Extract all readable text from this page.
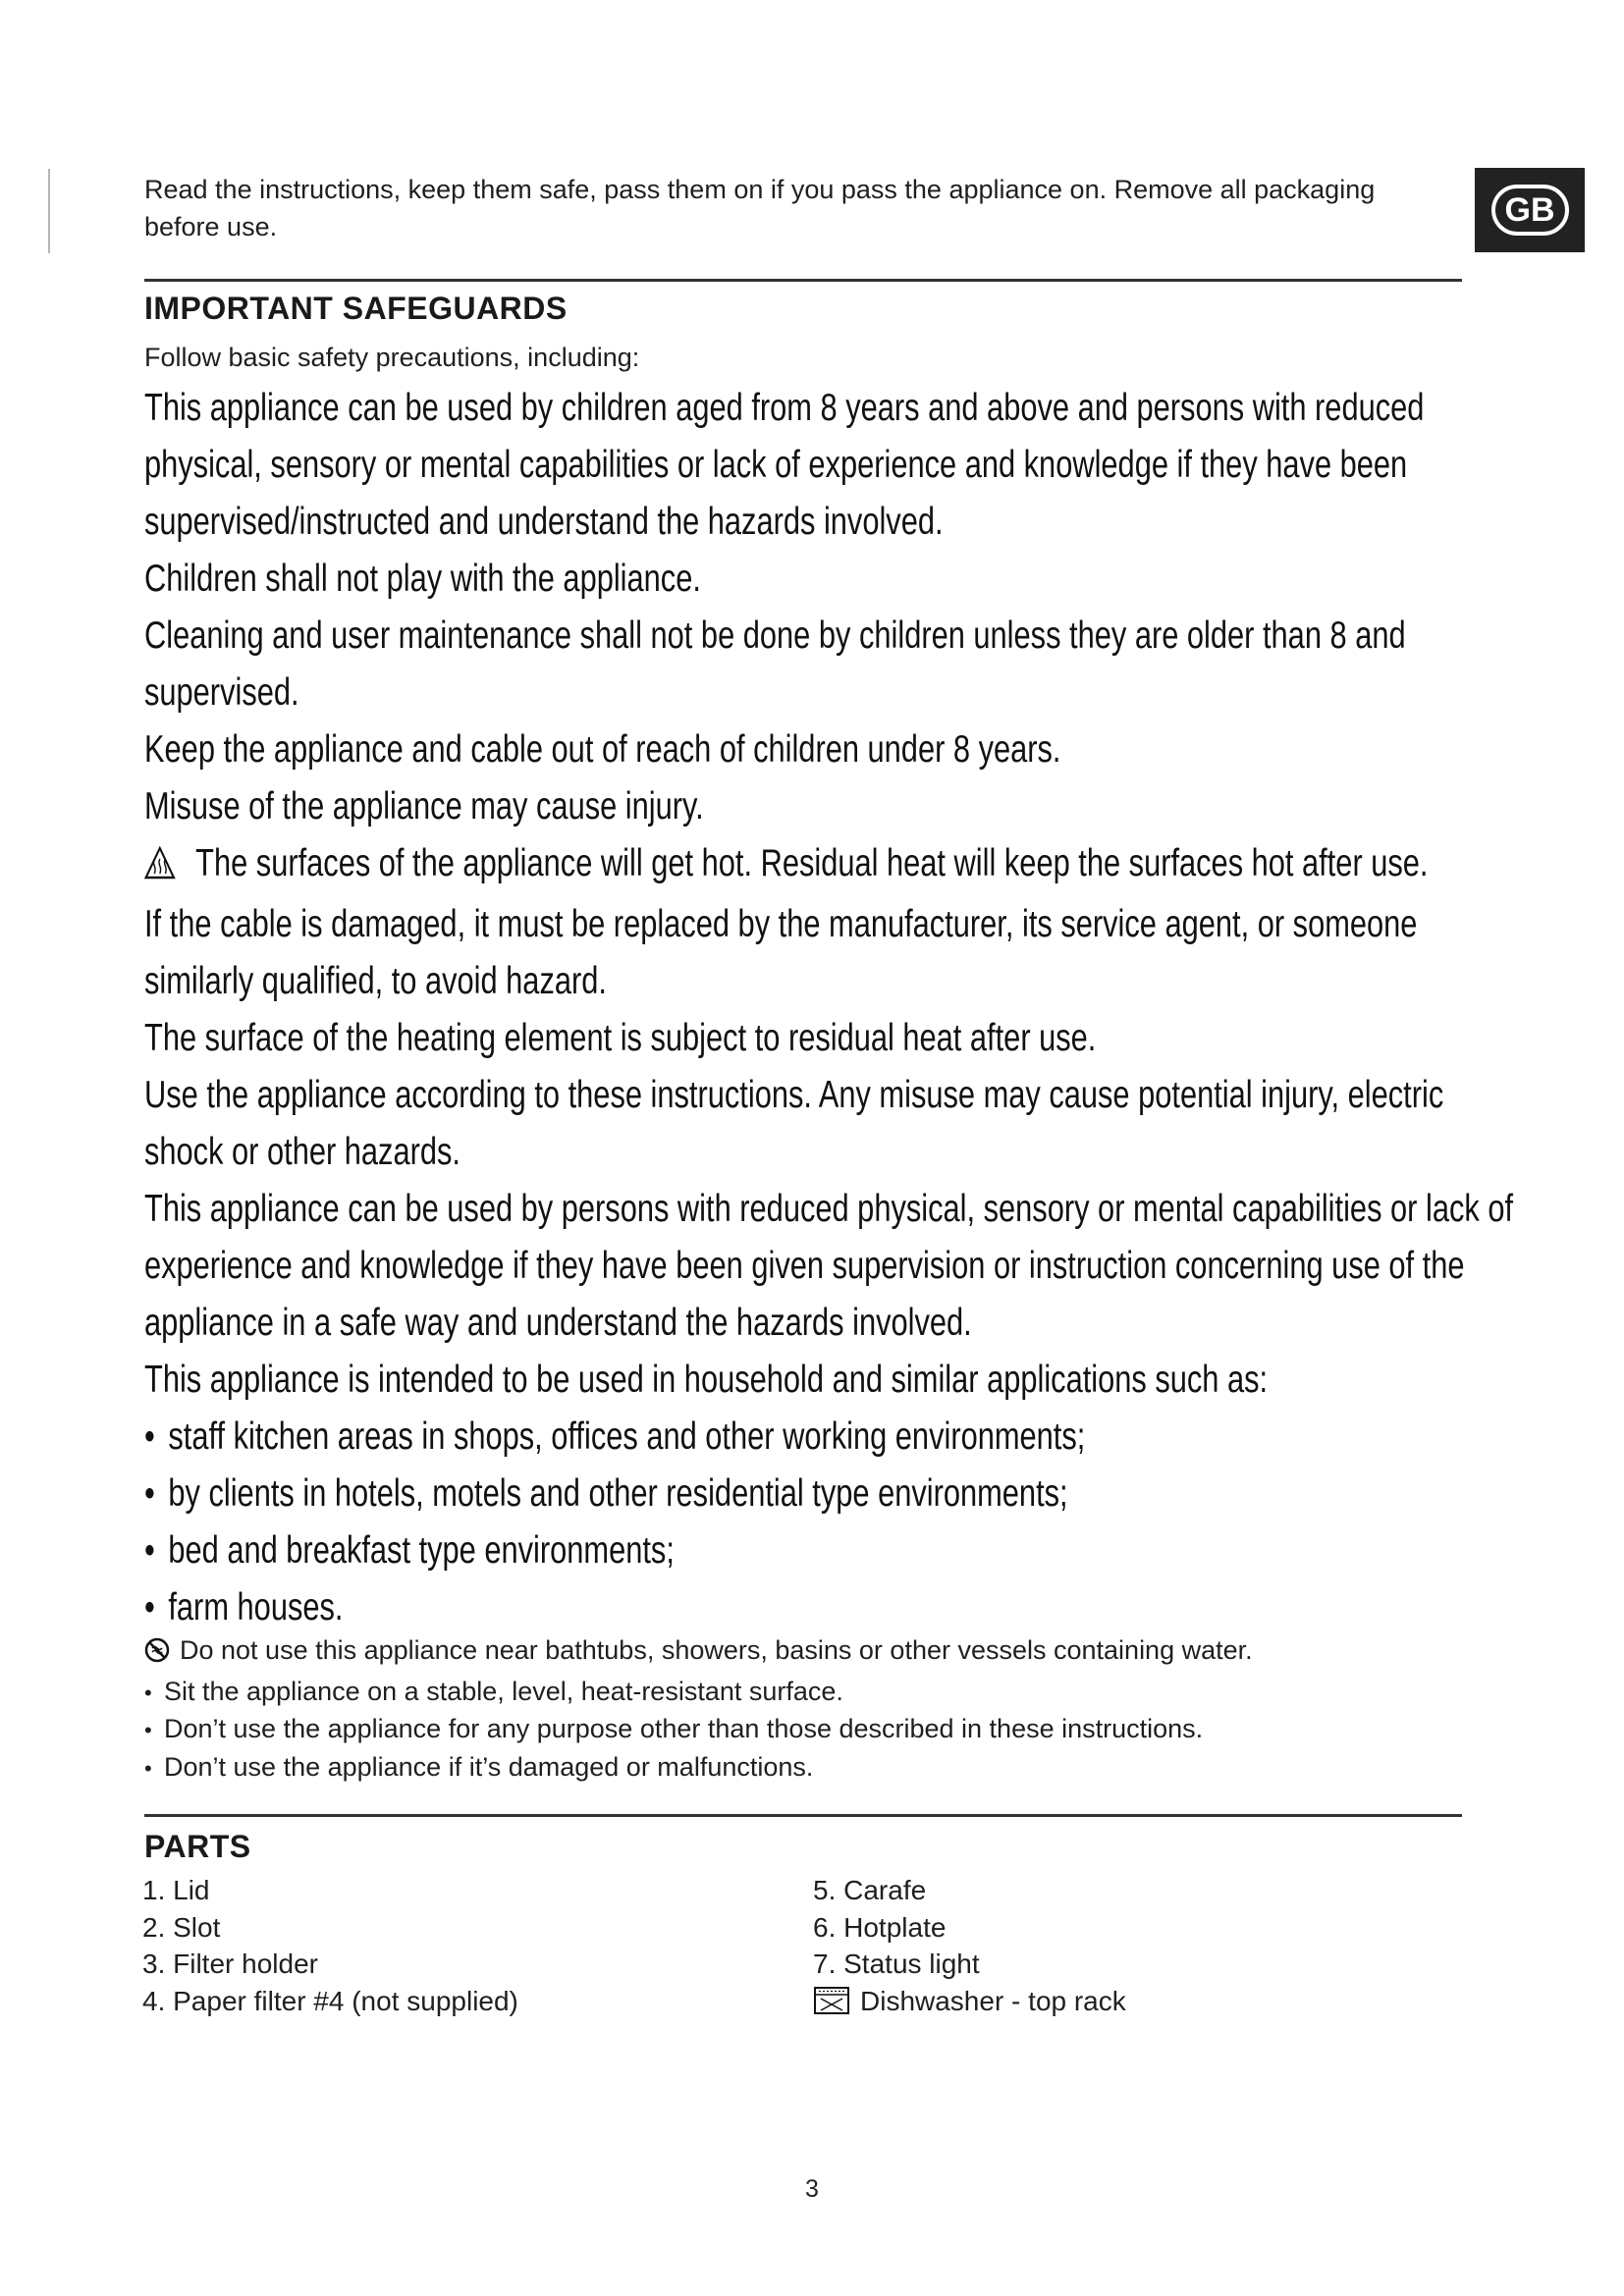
GB
Read the instructions, keep them safe, pass them on if you pass the appliance on. Remove all packaging before use.
IMPORTANT SAFEGUARDS
Follow basic safety precautions, including:

This appliance can be used by children aged from 8 years and above and persons with reduced

physical, sensory or mental capabilities or lack of experience and knowledge if they have been

supervised/instructed and understand the hazards involved.

Children shall not play with the appliance.

Cleaning and user maintenance shall not be done by children unless they are older than 8 and

supervised.

Keep the appliance and cable out of reach of children under 8 years.

Misuse of the appliance may cause injury.

The surfaces of the appliance will get hot. Residual heat will keep the surfaces hot after use.

If the cable is damaged, it must be replaced by the manufacturer, its service agent, or someone

similarly qualified, to avoid hazard.

The surface of the heating element is subject to residual heat after use.

Use the appliance according to these instructions. Any misuse may cause potential injury, electric

shock or other hazards.

This appliance can be used by persons with reduced physical, sensory or mental capabilities or lack of

experience and knowledge if they have been given supervision or instruction concerning use of the

appliance in a safe way and understand the hazards involved.

This appliance is intended to be used in household and similar applications such as:

• staff kitchen areas in shops, offices and other working environments;

• by clients in hotels, motels and other residential type environments;

• bed and breakfast type environments;

• farm houses.

Do not use this appliance near bathtubs, showers, basins or other vessels containing water.

• Sit the appliance on a stable, level, heat-resistant surface.

• Don’t use the appliance for any purpose other than those described in these instructions.

• Don’t use the appliance if it’s damaged or malfunctions.

PARTS

1. Lid

2. Slot

3. Filter holder

4. Paper filter #4 (not supplied)

5. Carafe

6. Hotplate

7. Status light

Dishwasher - top rack

3
